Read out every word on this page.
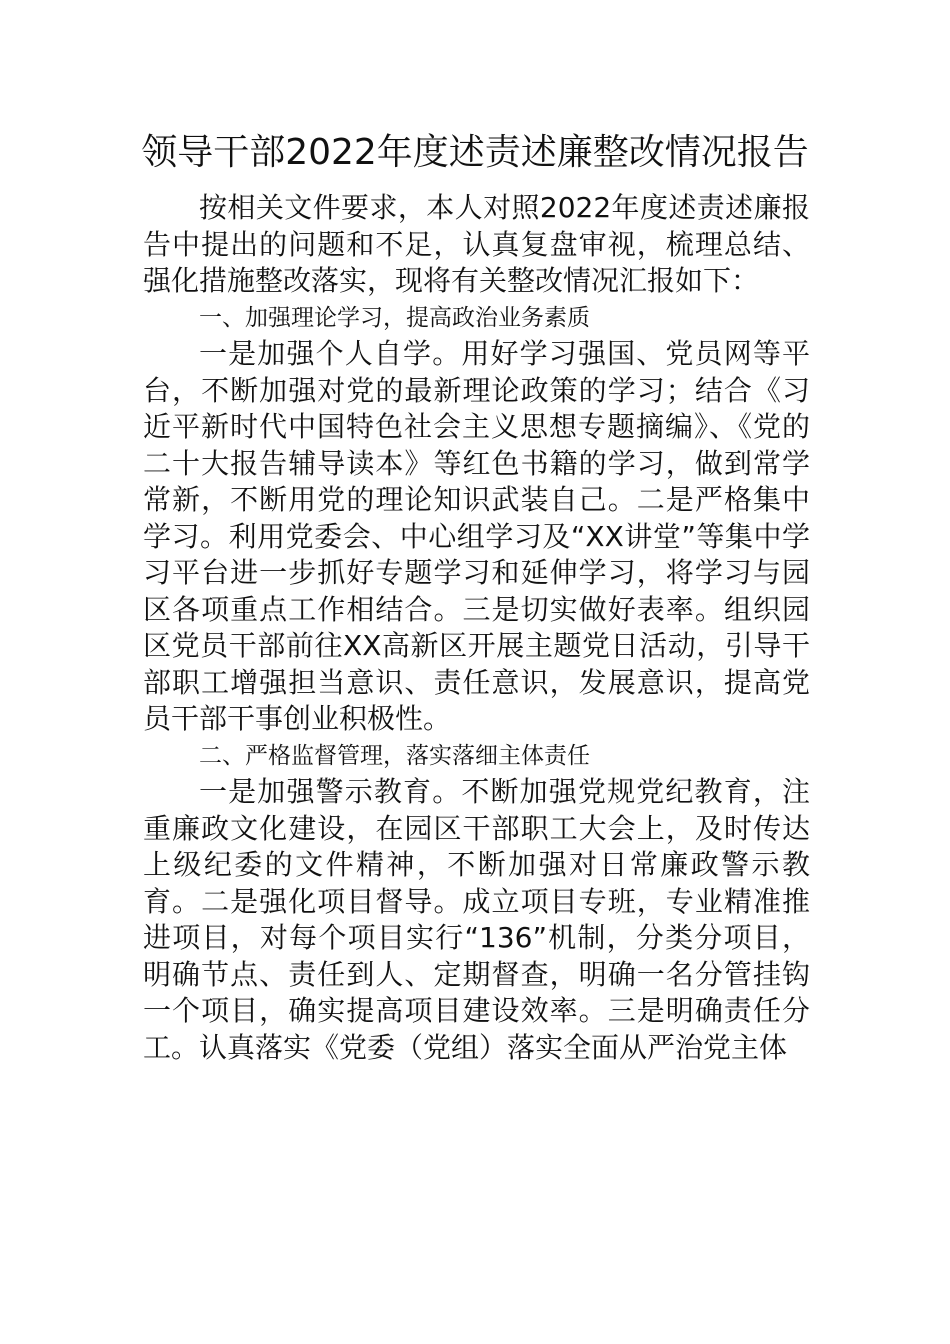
领导干部2022年度述责述廉整改情况报告

按相关文件要求，本人对照2022年度述责述廉报告中提出的问题和不足，认真复盘审视，梳理总结、强化措施整改落实，现将有关整改情况汇报如下：

一、加强理论学习，提高政治业务素质

一是加强个人自学。用好学习强国、党员网等平台，不断加强对党的最新理论政策的学习；结合《习近平新时代中国特色社会主义思想专题摘编》、《党的二十大报告辅导读本》等红色书籍的学习，做到常学常新，不断用党的理论知识武装自己。二是严格集中学习。利用党委会、中心组学习及“XX讲堂”等集中学习平台进一步抓好专题学习和延伸学习，将学习与园区各项重点工作相结合。三是切实做好表率。组织园区党员干部前往XX高新区开展主题党日活动，引导干部职工增强担当意识、责任意识，发展意识，提高党员干部干事创业积极性。

二、严格监督管理，落实落细主体责任

一是加强警示教育。不断加强党规党纪教育，注重廉政文化建设，在园区干部职工大会上，及时传达上级纪委的文件精神，不断加强对日常廉政警示教育。二是强化项目督导。成立项目专班，专业精准推进项目，对每个项目实行“136”机制，分类分项目，明确节点、责任到人、定期督查，明确一名分管挂钩一个项目，确实提高项目建设效率。三是明确责任分工。认真落实《党委（党组）落实全面从严治党主体
